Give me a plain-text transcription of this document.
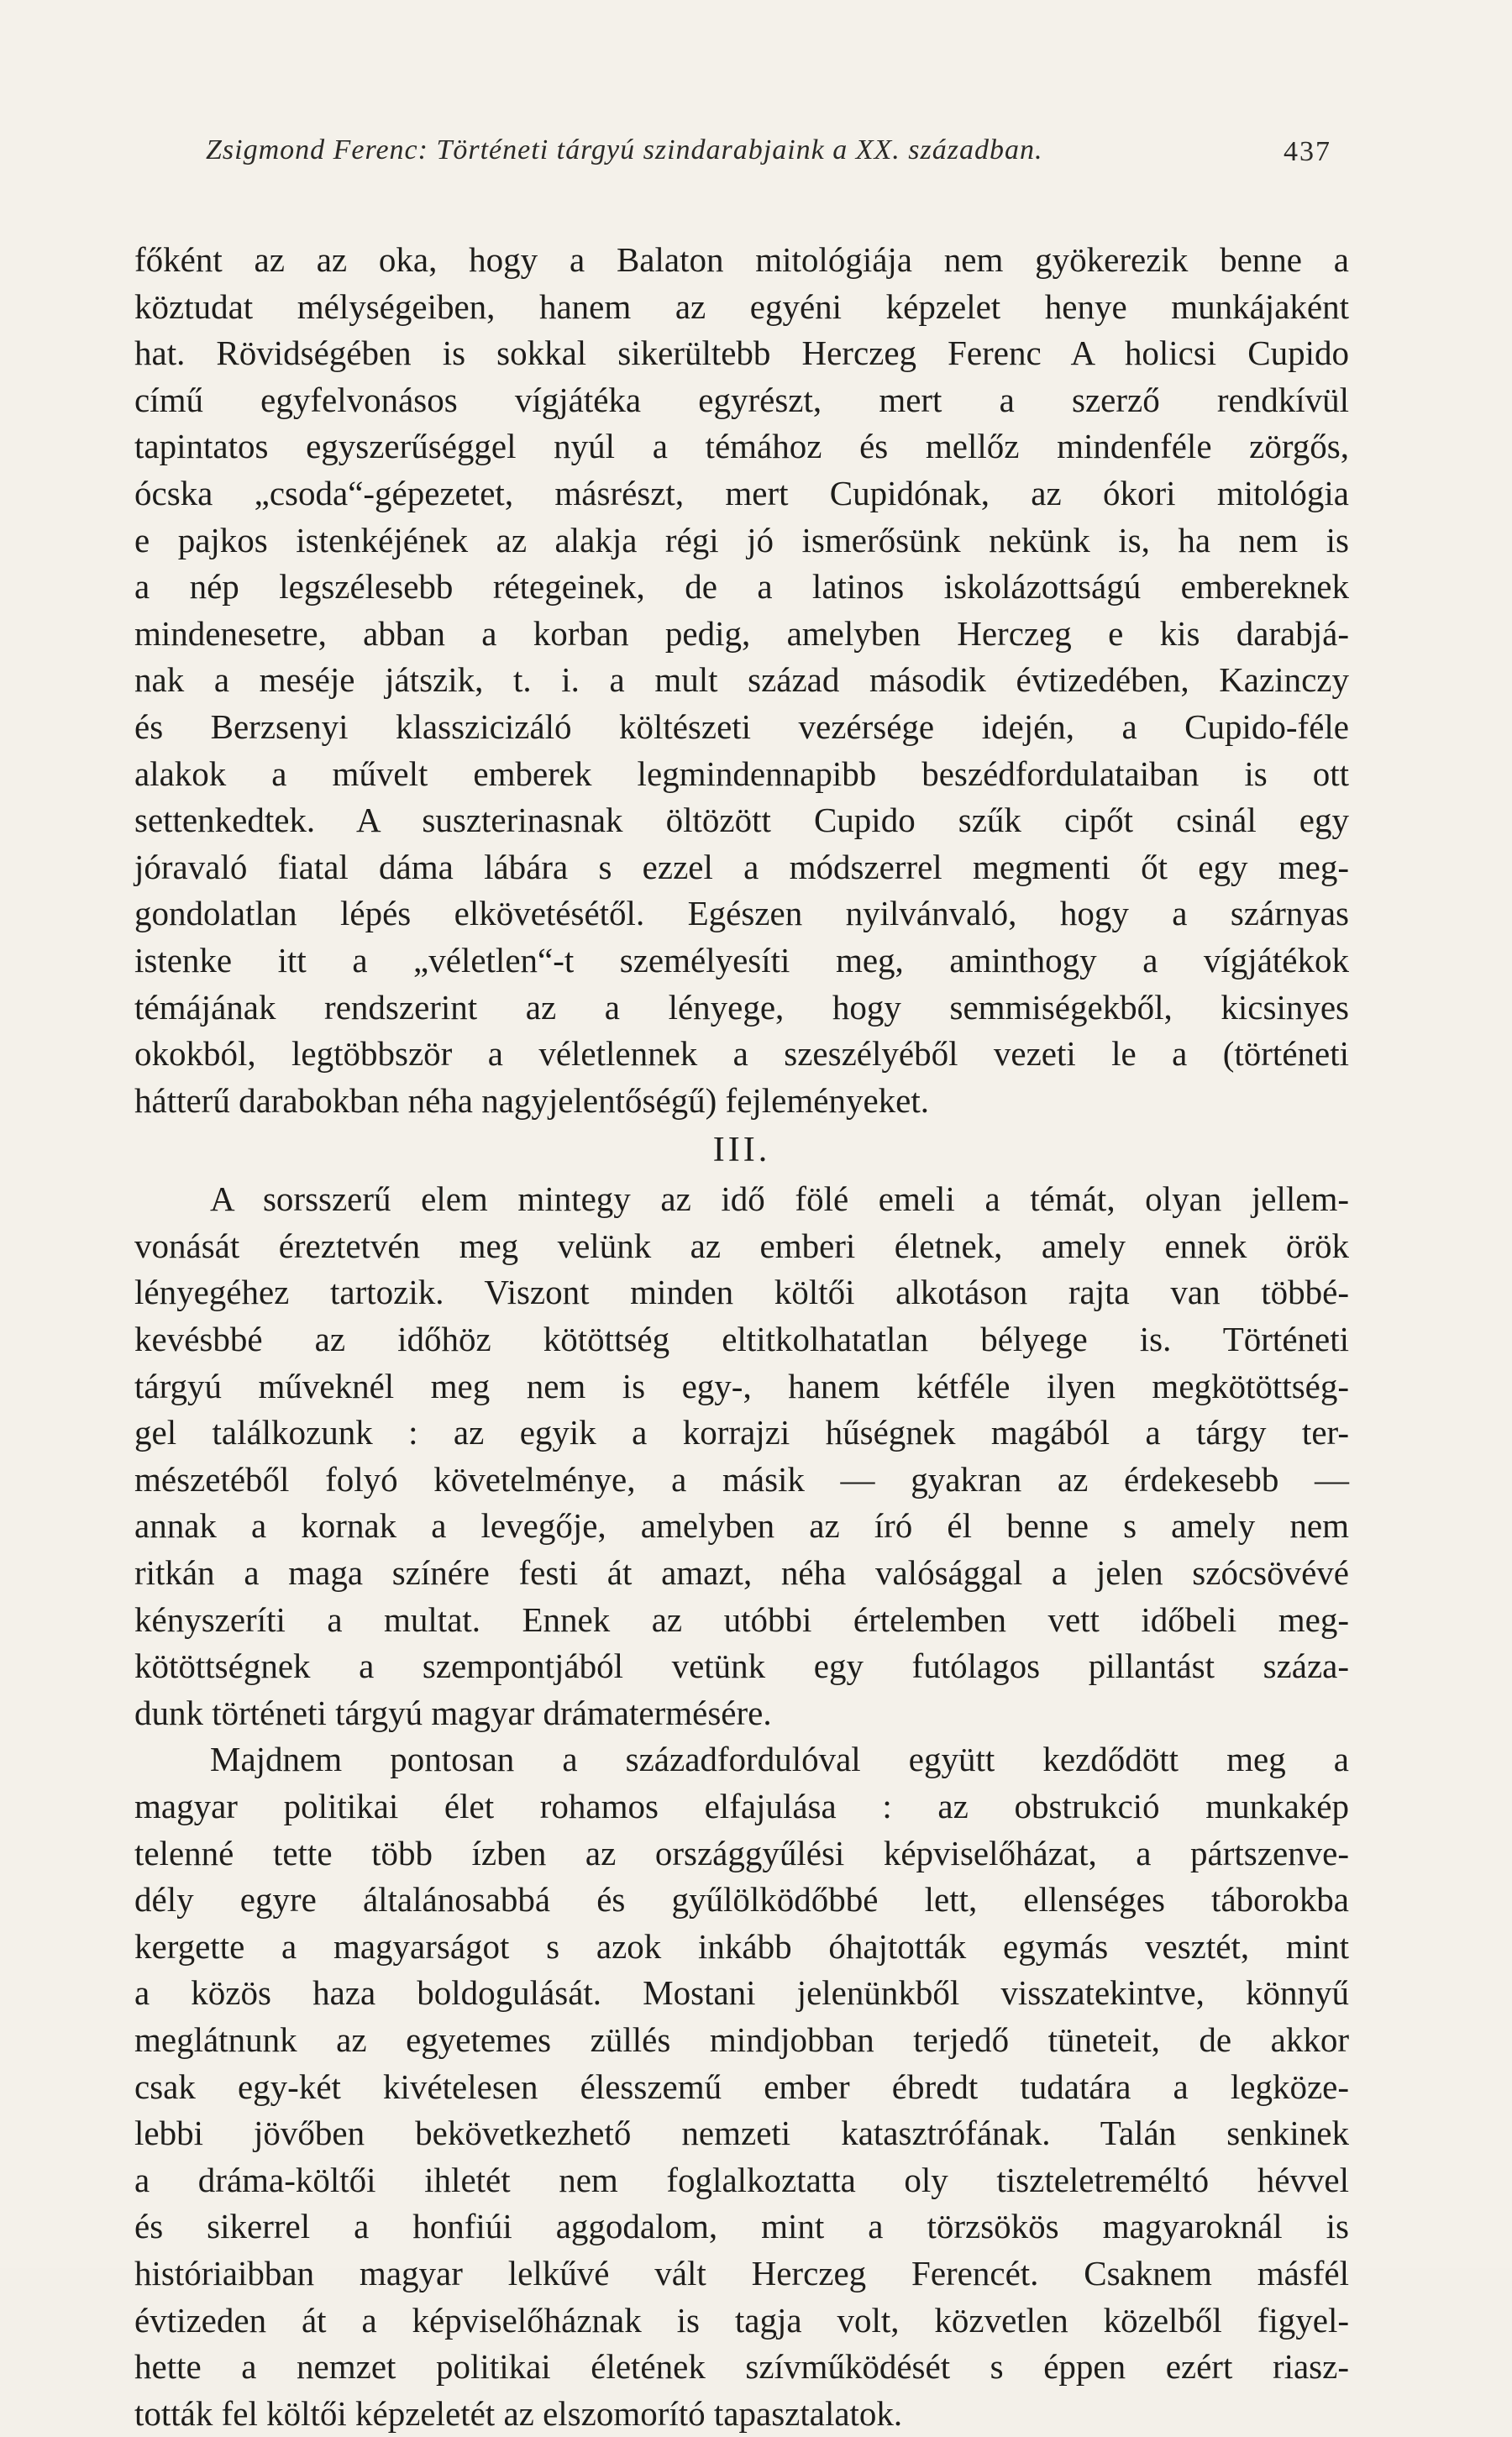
Zsigmond Ferenc: Történeti tárgyú szindarabjaink a XX. században.	437
főként az az oka, hogy a Balaton mitológiája nem gyökerezik benne a
köztudat mélységeiben, hanem az egyéni képzelet henye munkájaként
hat. Rövidségében is sokkal sikerültebb Herczeg Ferenc A holicsi Cupido
című egyfelvonásos vígjátéka egyrészt, mert a szerző rendkívül
tapintatos egyszerűséggel nyúl a témához és mellőz mindenféle zörgős,
ócska „csoda“-gépezetet, másrészt, mert Cupidónak, az ókori mitológia
e pajkos istenkéjének az alakja régi jó ismerősünk nekünk is, ha nem is
a nép legszélesebb rétegeinek, de a latinos iskolázottságú embereknek
mindenesetre, abban a korban pedig, amelyben Herczeg e kis darabjá-
nak a meséje játszik, t. i. a mult század második évtizedében, Kazinczy
és Berzsenyi klasszicizáló költészeti vezérsége idején, a Cupido-féle
alakok a művelt emberek legmindennapibb beszédfordulataiban is ott
settenkedtek. A suszterinasnak öltözött Cupido szűk cipőt csinál egy
jóravaló fiatal dáma lábára s ezzel a módszerrel megmenti őt egy meg-
gondolatlan lépés elkövetésétől. Egészen nyilvánvaló, hogy a szárnyas
istenke itt a „véletlen“-t személyesíti meg, aminthogy a vígjátékok
témájának rendszerint az a lényege, hogy semmiségekből, kicsinyes
okokból, legtöbbször a véletlennek a szeszélyéből vezeti le a (történeti
hátterű darabokban néha nagyjelentőségű) fejleményeket.
III.
A sorsszerű elem mintegy az idő fölé emeli a témát, olyan jellem-
vonását éreztetvén meg velünk az emberi életnek, amely ennek örök
lényegéhez tartozik. Viszont minden költői alkotáson rajta van többé-
kevésbbé az időhöz kötöttség eltitkolhatatlan bélyege is. Történeti
tárgyú műveknél meg nem is egy-, hanem kétféle ilyen megkötöttség-
gel találkozunk : az egyik a korrajzi hűségnek magából a tárgy ter-
mészetéből folyó követelménye, a másik — gyakran az érdekesebb —
annak a kornak a levegője, amelyben az író él benne s amely nem
ritkán a maga színére festi át amazt, néha valósággal a jelen szócsövévé
kényszeríti a multat. Ennek az utóbbi értelemben vett időbeli meg-
kötöttségnek a szempontjából vetünk egy futólagos pillantást száza-
dunk történeti tárgyú magyar drámatermésére.
Majdnem pontosan a századfordulóval együtt kezdődött meg a
magyar politikai élet rohamos elfajulása : az obstrukció munkakép
telenné tette több ízben az országgyűlési képviselőházat, a pártszenve-
dély egyre általánosabbá és gyűlölködőbbé lett, ellenséges táborokba
kergette a magyarságot s azok inkább óhajtották egymás vesztét, mint
a közös haza boldogulását. Mostani jelenünkből visszatekintve, könnyű
meglátnunk az egyetemes züllés mindjobban terjedő tüneteit, de akkor
csak egy-két kivételesen élesszemű ember ébredt tudatára a legköze-
lebbi jövőben bekövetkezhető nemzeti katasztrófának. Talán senkinek
a dráma-költői ihletét nem foglalkoztatta oly tiszteletreméltó hévvel
és sikerrel a honfiúi aggodalom, mint a törzsökös magyaroknál is
históriaibban magyar lelkűvé vált Herczeg Ferencét. Csaknem másfél
évtizeden át a képviselőháznak is tagja volt, közvetlen közelből figyel-
hette a nemzet politikai életének szívműködését s éppen ezért riasz-
tották fel költői képzeletét az elszomorító tapasztalatok.
